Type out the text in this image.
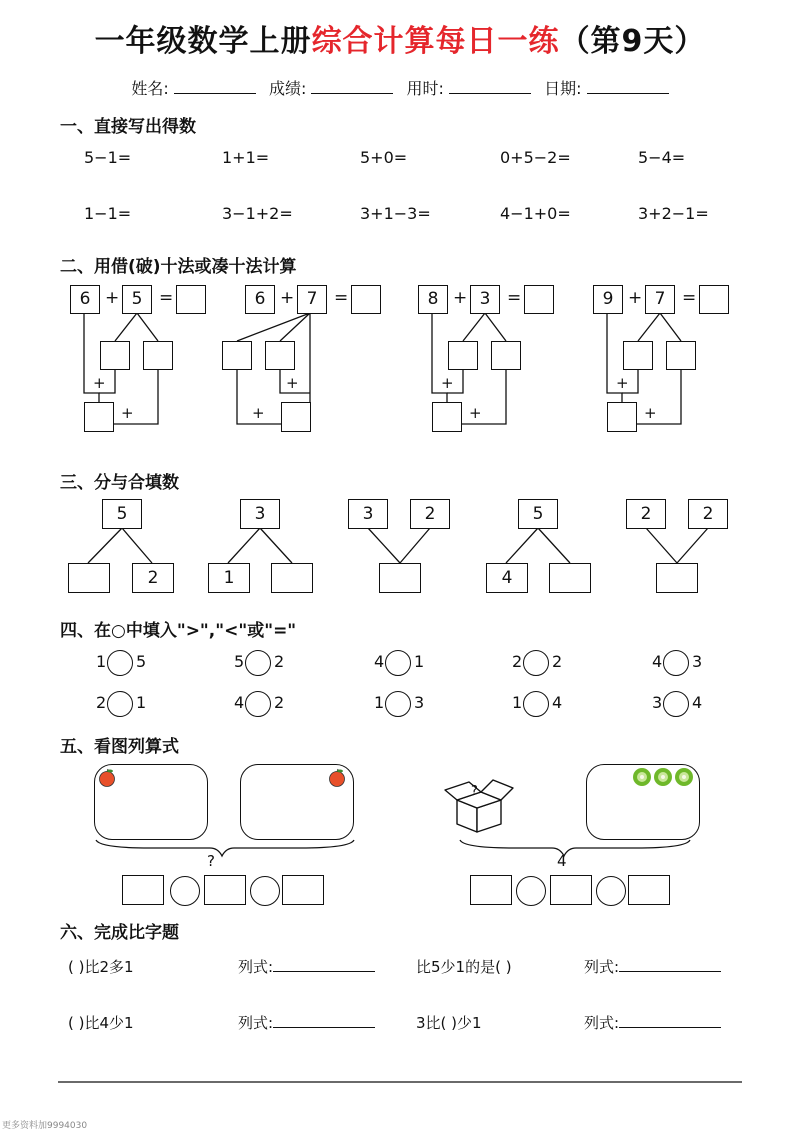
一年级数学上册综合计算每日一练（第9天）
姓名:	成绩:	用时:	日期:
一、直接写出得数
5−1=	1+1=	5+0=	0+5−2=	5−4=
1−1=	3−1+2=	3+1−3=	4−1+0=	3+2−1=
二、用借(破)十法或凑十法计算
6 + 5 =
+
+
6 + 7 =
+
+
8 + 3 =
+
+
9 + 7 =
+
+
三、分与合填数
5
2
3
1
3	2	5
4
2	2
四、在○中填入">","<"或"="
五、看图列算式
?
?
4
六、完成比字题
( )比2多1	列式:	比5少1的是( )	列式:
( )比4少1	列式:	3比( )少1	列式:
更多资料加9994030
1 5	5 2	4 1	2 2	4 3
2 1	4 2	1 3	1 4	3 4
